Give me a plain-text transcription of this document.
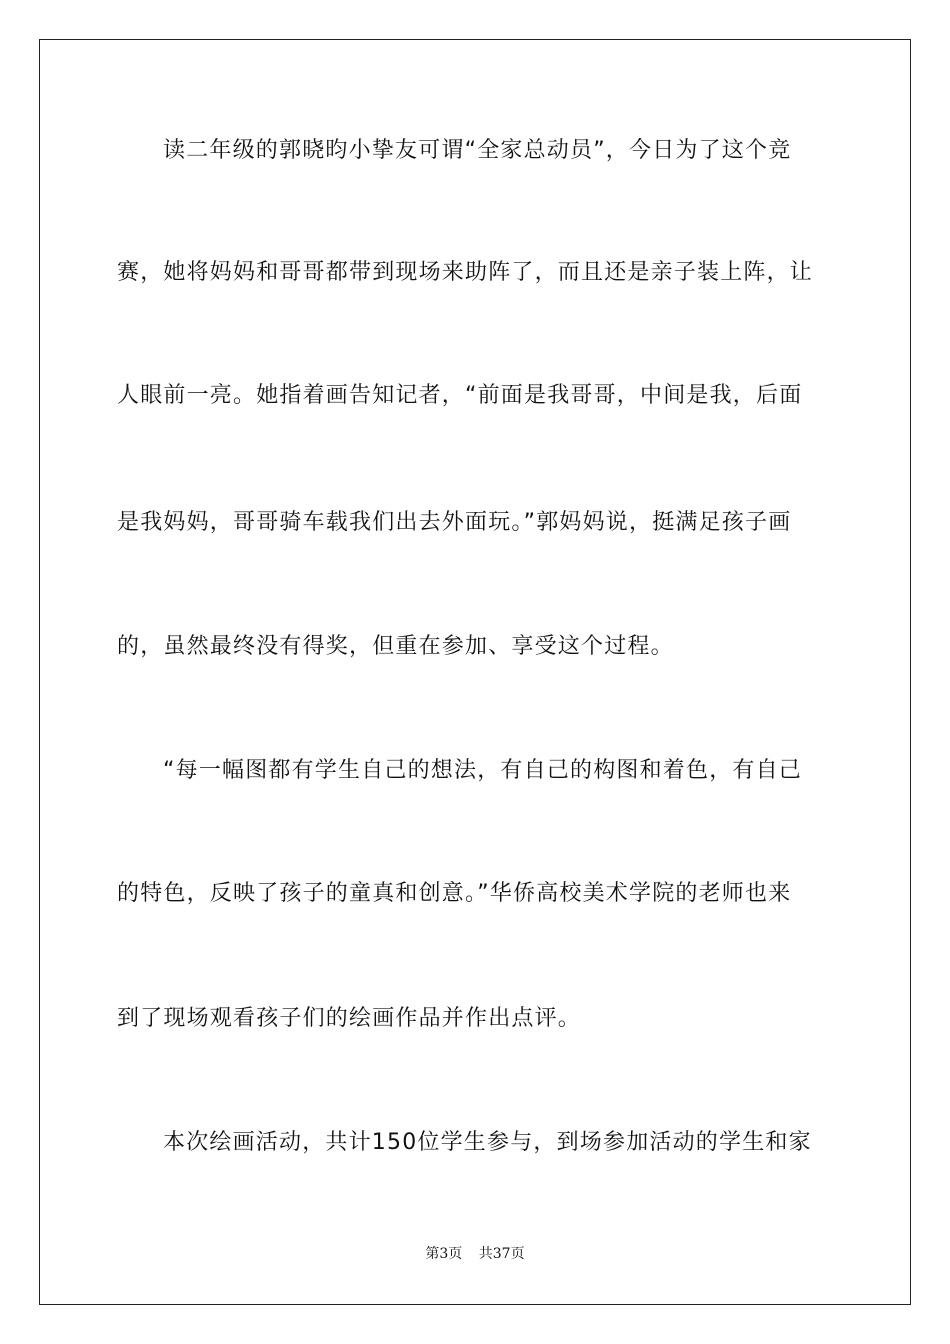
读二年级的郭晓昀小挚友可谓“全家总动员”，今日为了这个竞
赛，她将妈妈和哥哥都带到现场来助阵了，而且还是亲子装上阵，让
人眼前一亮。她指着画告知记者，“前面是我哥哥，中间是我，后面
是我妈妈，哥哥骑车载我们出去外面玩。”郭妈妈说，挺满足孩子画
的，虽然最终没有得奖，但重在参加、享受这个过程。
“每一幅图都有学生自己的想法，有自己的构图和着色，有自己
的特色，反映了孩子的童真和创意。”华侨高校美术学院的老师也来
到了现场观看孩子们的绘画作品并作出点评。
本次绘画活动，共计150位学生参与，到场参加活动的学生和家
第3页 共37页
